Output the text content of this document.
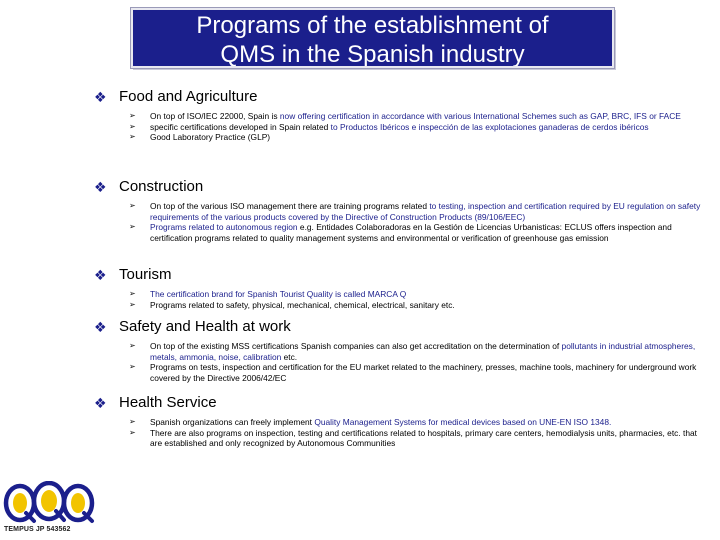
Programs of the establishment of
QMS in the Spanish industry
❖ Food and Agriculture
➢ On top of ISO/IEC 22000, Spain is now offering certification in accordance with various International Schemes such as GAP, BRC, IFS or FACE
➢ specific certifications developed in Spain related to Productos Ibéricos e inspección de las explotaciones ganaderas de cerdos ibéricos
➢ Good Laboratory Practice (GLP)
❖ Construction
➢ On top of the various ISO management there are training programs related to testing, inspection and certification required by EU regulation on safety requirements of the various products covered by the Directive of Construction Products (89/106/EEC)
➢ Programs related to autonomous region e.g. Entidades Colaboradoras en la Gestión de Licencias Urbanisticas: ECLUS offers inspection and certification programs related to quality management systems and environmental or verification of greenhouse gas emission
❖ Tourism
➢ The certification brand for Spanish Tourist Quality is called MARCA Q
➢ Programs related to safety, physical, mechanical, chemical, electrical, sanitary etc.
❖ Safety and Health at work
➢ On top of the existing MSS certifications Spanish companies can also get accreditation on the determination of pollutants in industrial atmospheres, metals, ammonia, noise, calibration etc.
➢ Programs on tests, inspection and certification for the EU market related to the machinery, presses, machine tools, machinery for underground work covered by the Directive 2006/42/EC
❖ Health Service
➢ Spanish organizations can freely implement Quality Management Systems for medical devices based on UNE-EN ISO 1348.
➢ There are also programs on inspection, testing and certifications related to hospitals, primary care centers, hemodialysis units, pharmacies, etc. that are established and only recognized by Autonomous Communities
TEMPUS JP 543562
